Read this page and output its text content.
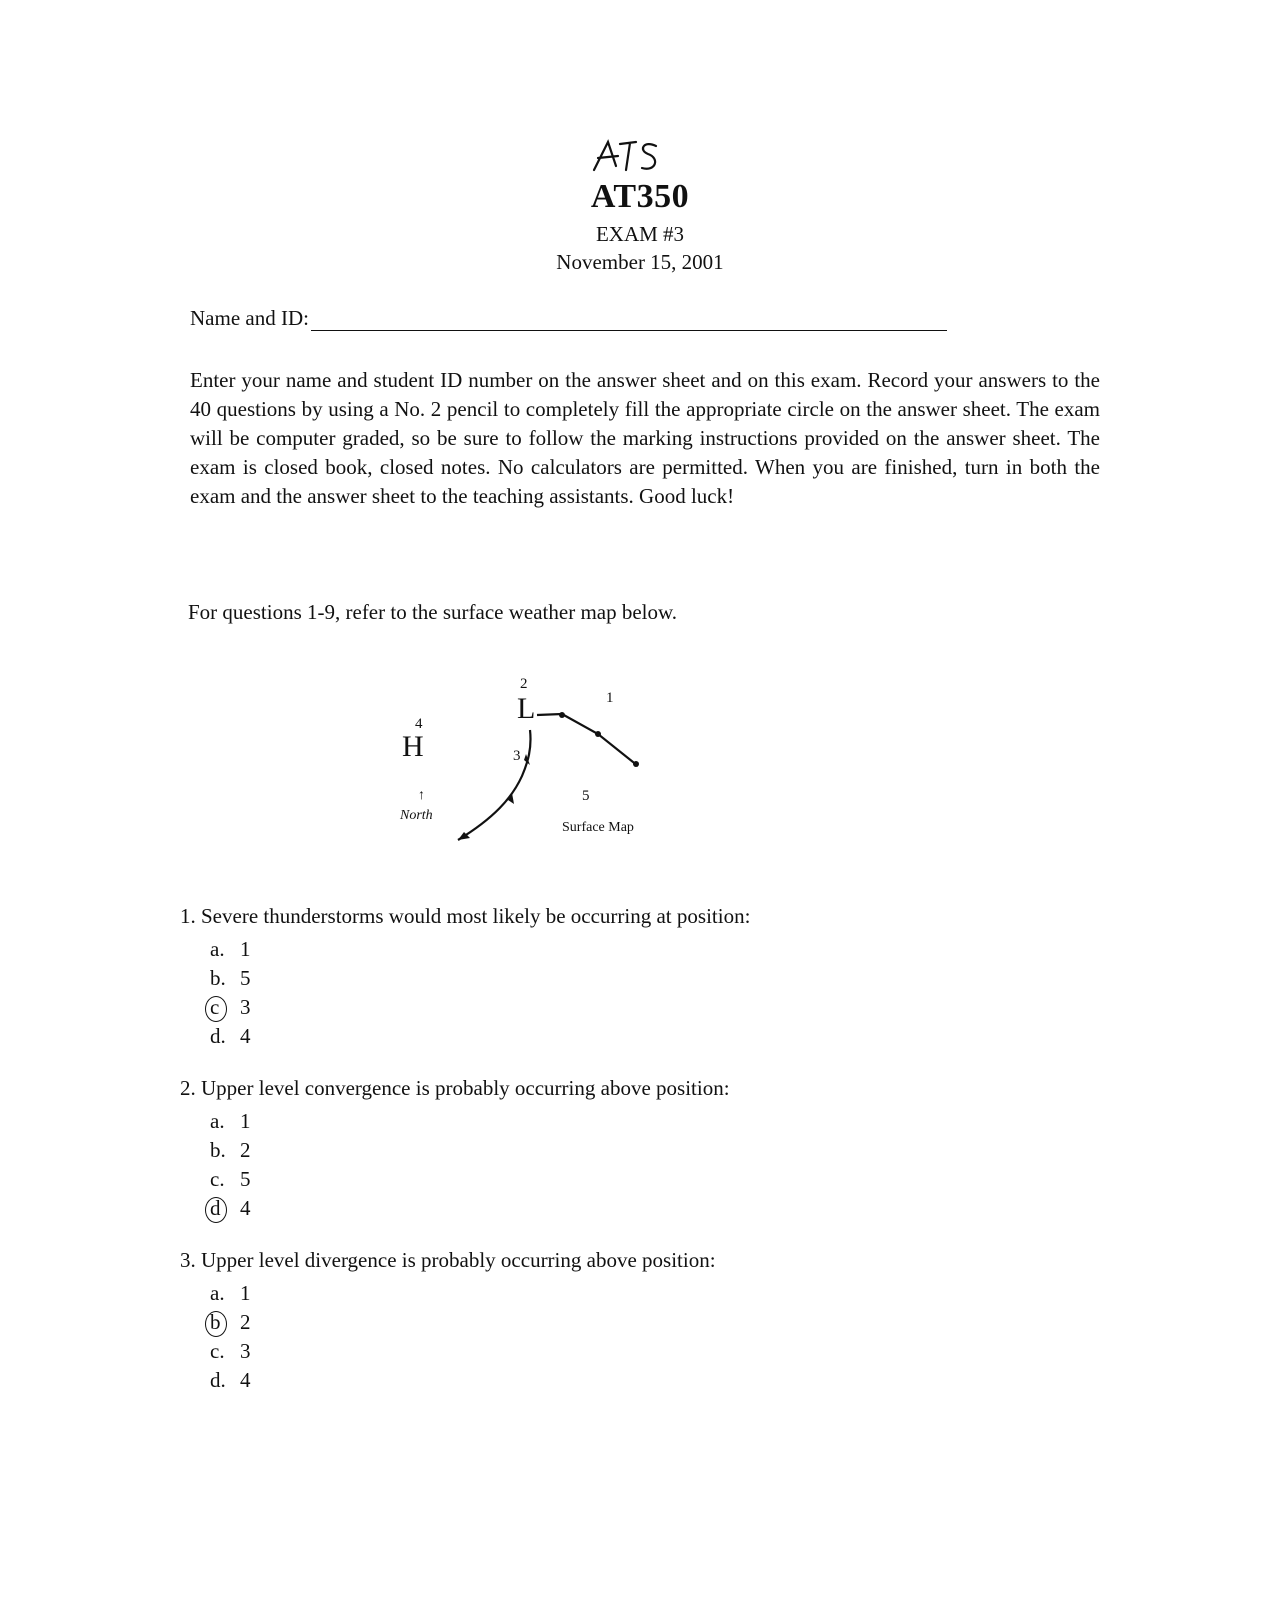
AT350
EXAM #3
November 15, 2001
Name and ID:
Enter your name and student ID number on the answer sheet and on this exam. Record your answers to the 40 questions by using a No. 2 pencil to completely fill the appropriate circle on the answer sheet. The exam will be computer graded, so be sure to follow the marking instructions provided on the answer sheet. The exam is closed book, closed notes. No calculators are permitted. When you are finished, turn in both the exam and the answer sheet to the teaching assistants. Good luck!
For questions 1-9, refer to the surface weather map below.
2
L	1
4
H	3
5
↑
North
Surface Map

1. Severe thunderstorms would most likely be occurring at position:

a. 1
b. 5
c 3
d. 4

2. Upper level convergence is probably occurring above position:

a. 1
b. 2
c. 5
d 4

3. Upper level divergence is probably occurring above position:

a. 1
b 2
c. 3
d. 4
